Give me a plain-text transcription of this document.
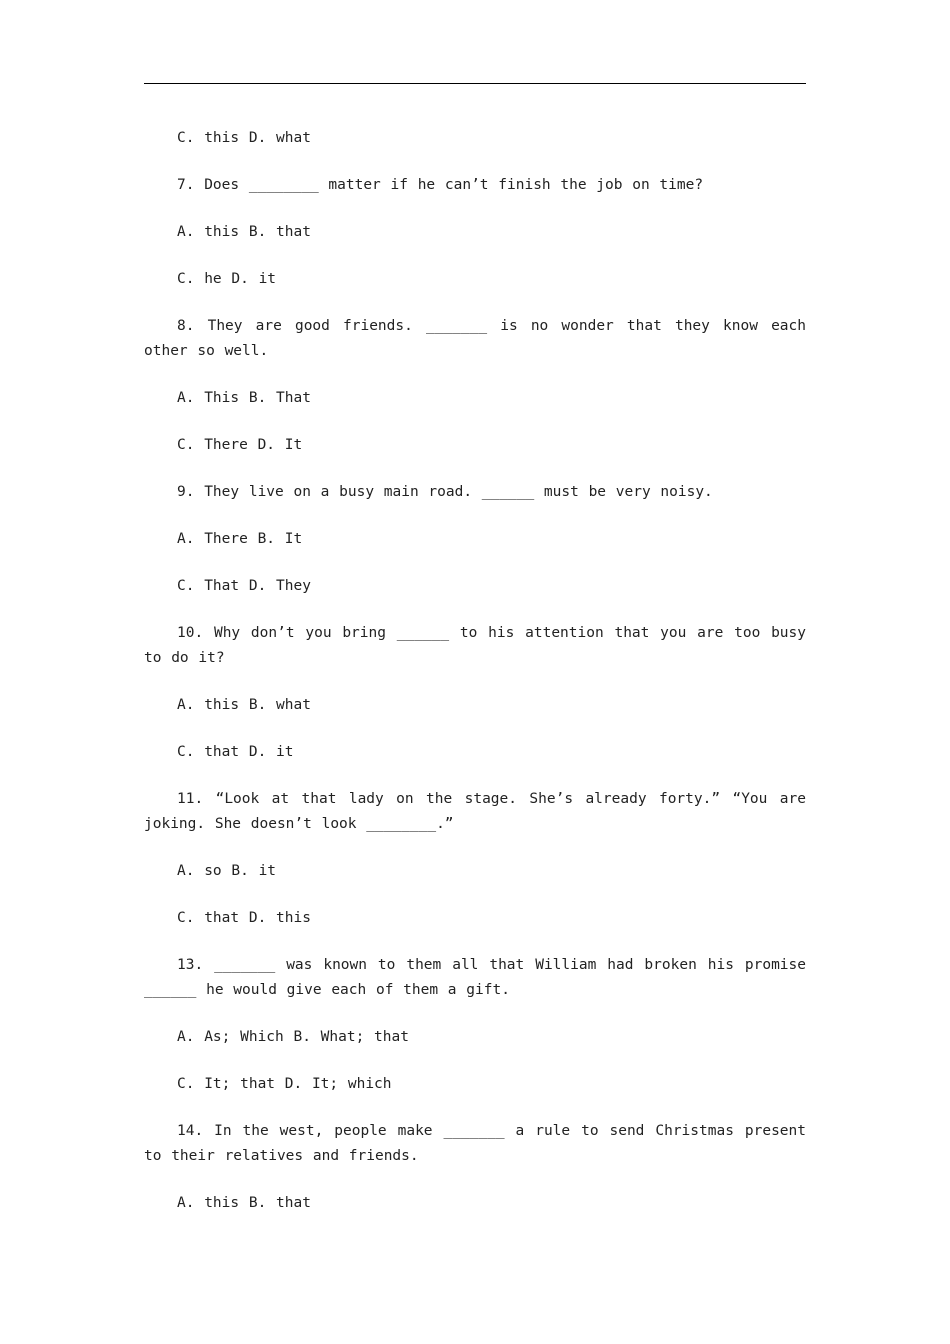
C. this D. what

7. Does ________ matter if he can’t finish the job on time?

A. this B. that

C. he D. it

8. They are good friends. _______ is no wonder that they know each other so well.

A. This B. That

C. There D. It

9. They live on a busy main road. ______ must be very noisy.

A. There B. It

C. That D. They

10. Why don’t you bring ______ to his attention that you are too busy to do it?

A. this B. what

C. that D. it

11. “Look at that lady on the stage. She’s already forty.” “You are joking. She doesn’t look ________.”

A. so B. it

C. that D. this

13. _______ was known to them all that William had broken his promise ______ he would give each of them a gift.

A. As; Which B. What; that

C. It; that D. It; which

14. In the west, people make _______ a rule to send Christmas present to their relatives and friends.

A. this B. that
